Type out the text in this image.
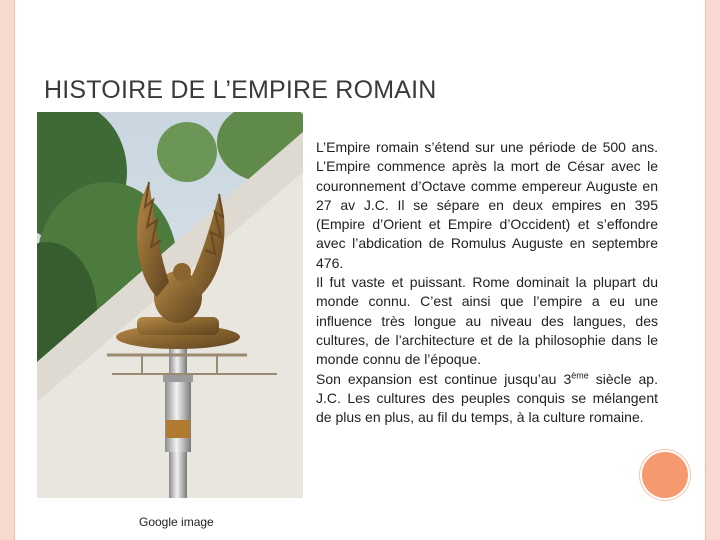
HISTOIRE DE L’EMPIRE ROMAIN

Google image

L’Empire romain s’étend sur une période de 500 ans. L’Empire commence après la mort de César avec le couronnement d’Octave comme empereur Auguste en 27 av J.C. Il se sépare en deux empires en 395 (Empire d’Orient et Empire d’Occident) et s’effondre avec l’abdication de Romulus Auguste en septembre 476.

Il fut vaste et puissant. Rome dominait la plupart du monde connu. C’est ainsi que l’empire a eu une influence très longue au niveau des langues, des cultures, de l’architecture et de la philosophie dans le monde connu de l’époque.

Son expansion est continue jusqu’au 3ème siècle ap. J.C. Les cultures des peuples conquis se mélangent de plus en plus, au fil du temps, à la culture romaine.
